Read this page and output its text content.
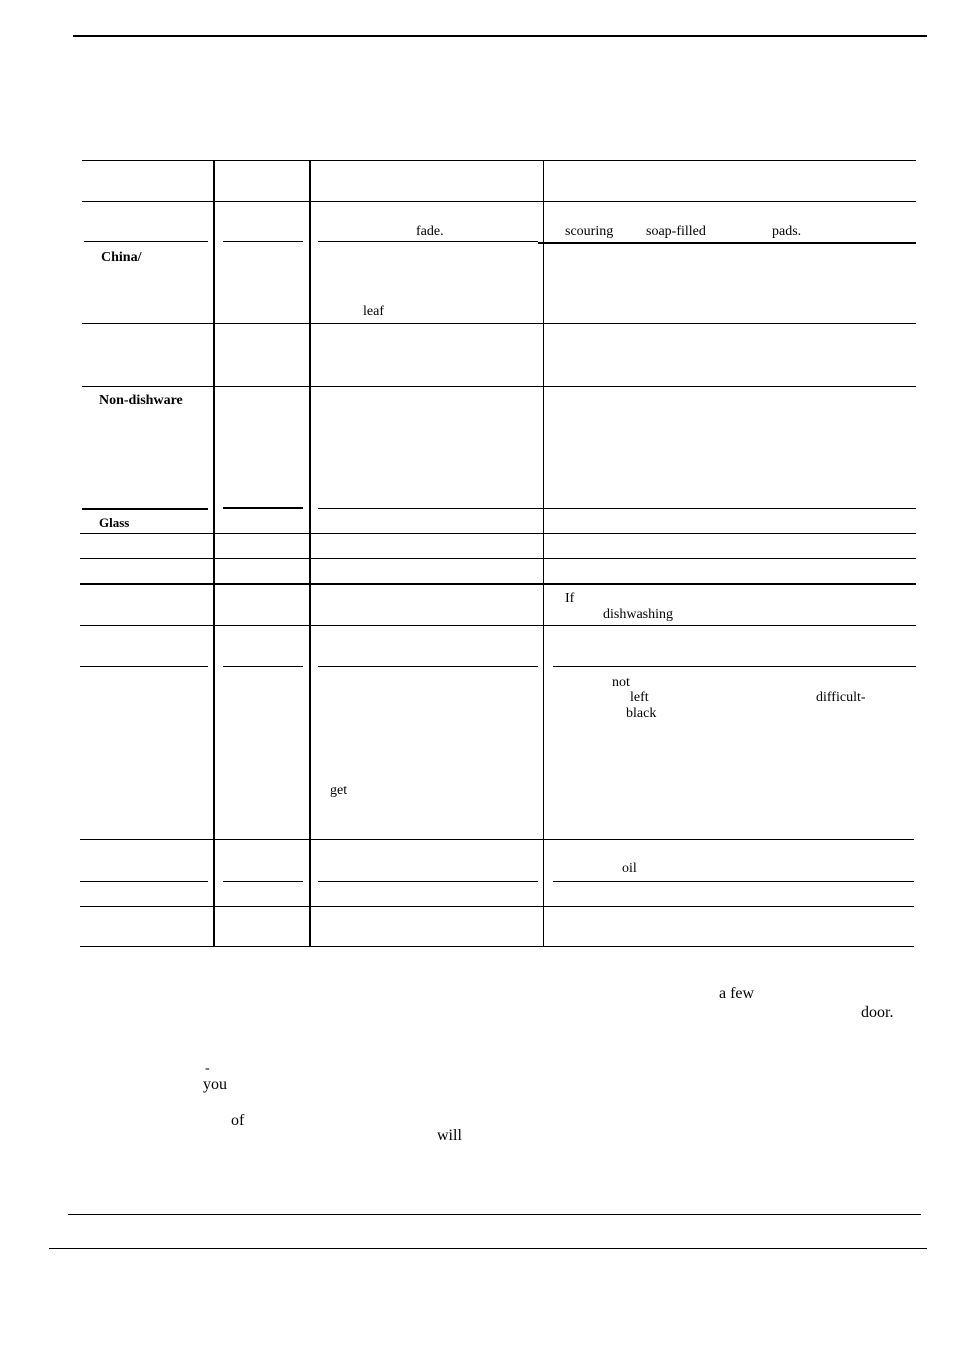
China/
Non-dishware
Glass
fade.
leaf
get
scouring soap-filled	pads.
If
dishwashing
not
left	difficult-
black
oil
a few
door.
-
you
of
will
